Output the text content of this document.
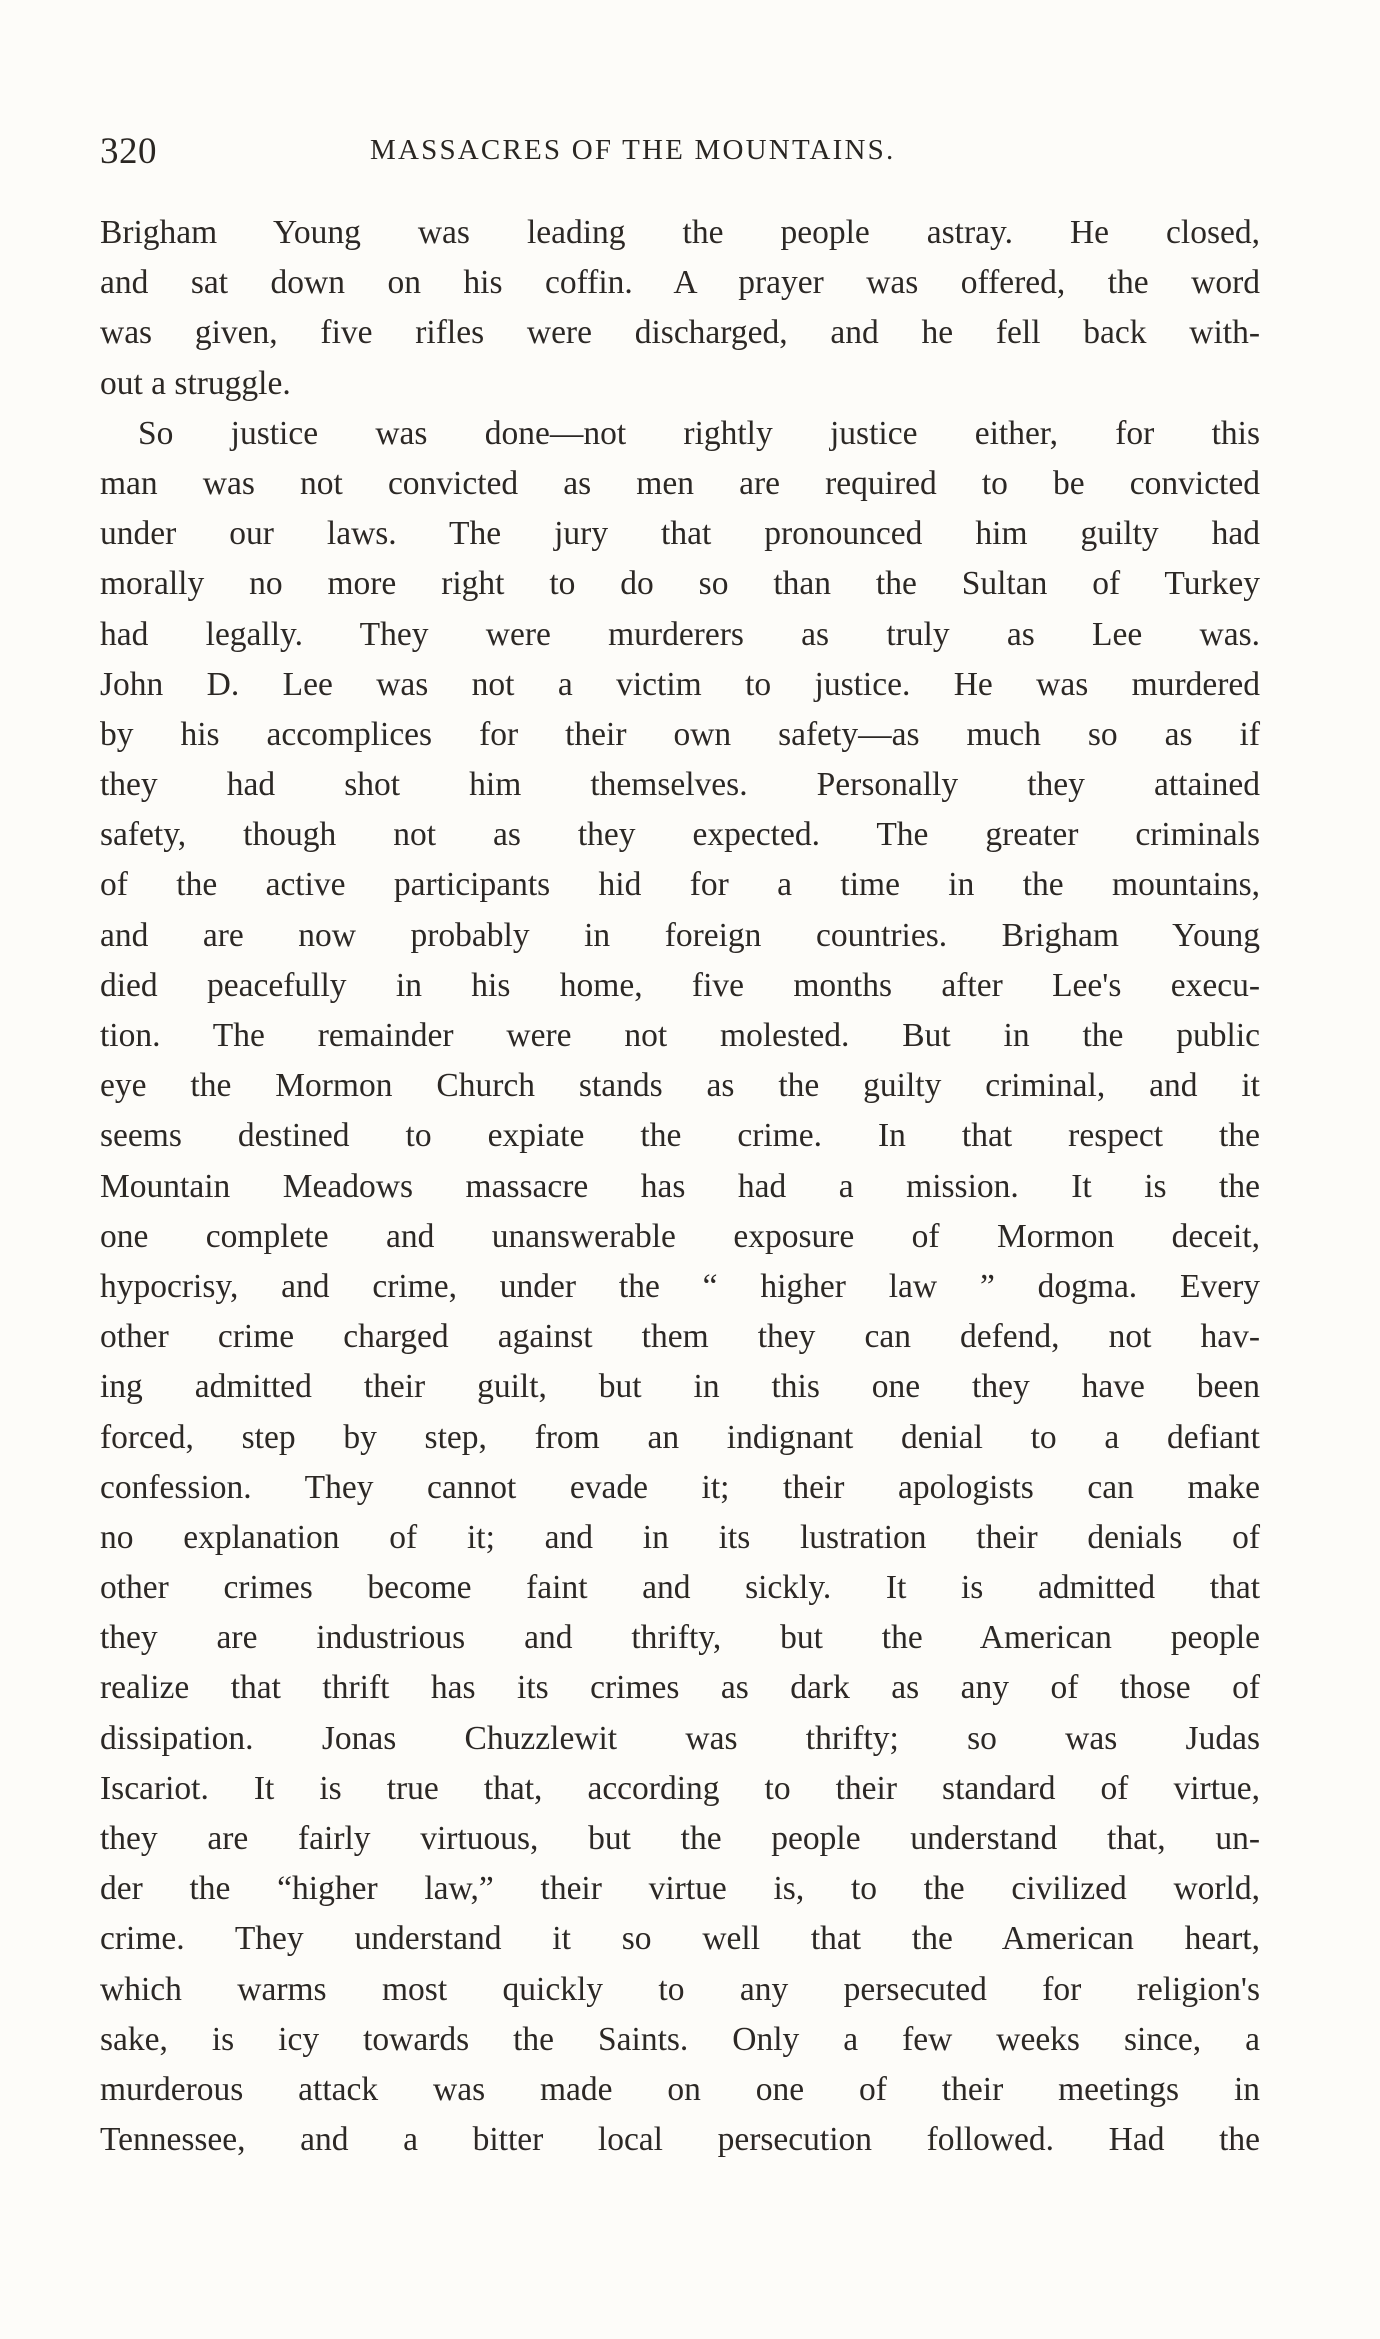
320	MASSACRES OF THE MOUNTAINS.
Brigham Young was leading the people astray. He closed,
and sat down on his coffin. A prayer was offered, the word
was given, five rifles were discharged, and he fell back with-
out a struggle.
So justice was done—not rightly justice either, for this
man was not convicted as men are required to be convicted
under our laws. The jury that pronounced him guilty had
morally no more right to do so than the Sultan of Turkey
had legally. They were murderers as truly as Lee was.
John D. Lee was not a victim to justice. He was murdered
by his accomplices for their own safety—as much so as if
they had shot him themselves. Personally they attained
safety, though not as they expected. The greater criminals
of the active participants hid for a time in the mountains,
and are now probably in foreign countries. Brigham Young
died peacefully in his home, five months after Lee's execu-
tion. The remainder were not molested. But in the public
eye the Mormon Church stands as the guilty criminal, and it
seems destined to expiate the crime. In that respect the
Mountain Meadows massacre has had a mission. It is the
one complete and unanswerable exposure of Mormon deceit,
hypocrisy, and crime, under the “ higher law ” dogma. Every
other crime charged against them they can defend, not hav-
ing admitted their guilt, but in this one they have been
forced, step by step, from an indignant denial to a defiant
confession. They cannot evade it; their apologists can make
no explanation of it; and in its lustration their denials of
other crimes become faint and sickly. It is admitted that
they are industrious and thrifty, but the American people
realize that thrift has its crimes as dark as any of those of
dissipation. Jonas Chuzzlewit was thrifty; so was Judas
Iscariot. It is true that, according to their standard of virtue,
they are fairly virtuous, but the people understand that, un-
der the “higher law,” their virtue is, to the civilized world,
crime. They understand it so well that the American heart,
which warms most quickly to any persecuted for religion's
sake, is icy towards the Saints. Only a few weeks since, a
murderous attack was made on one of their meetings in
Tennessee, and a bitter local persecution followed. Had the
